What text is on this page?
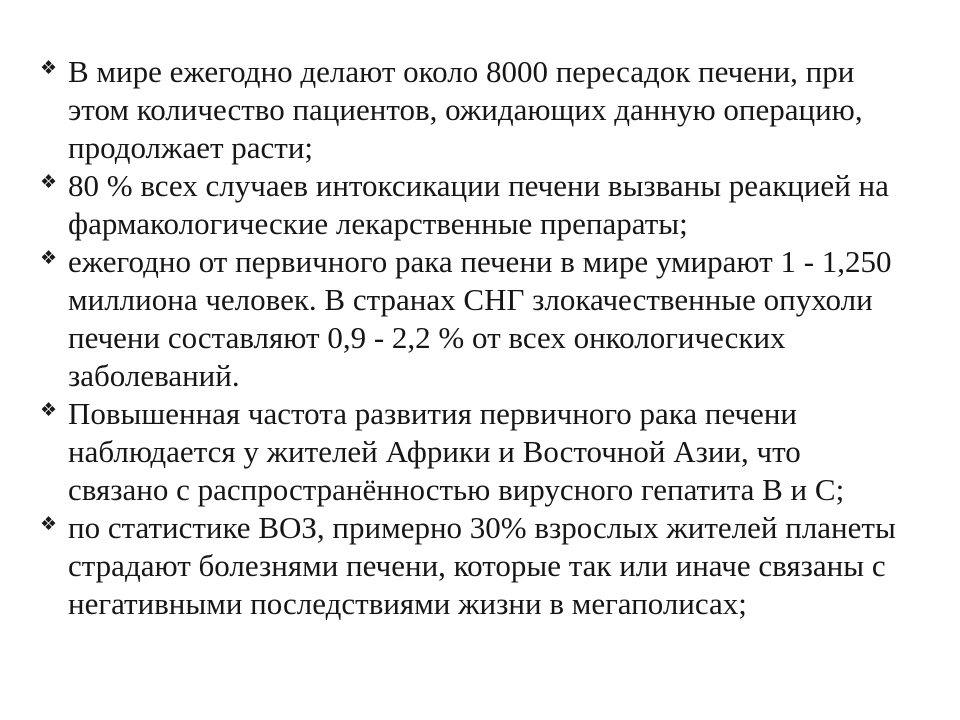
❖ В мире ежегодно делают около 8000 пересадок печени, при
этом количество пациентов, ожидающих данную операцию,
продолжает расти;
❖ 80 % всех случаев интоксикации печени вызваны реакцией на
фармакологические лекарственные препараты;
❖ ежегодно от первичного рака печени в мире умирают 1 - 1,250
миллиона человек. В странах СНГ злокачественные опухоли
печени составляют 0,9 - 2,2 % от всех онкологических
заболеваний.
❖ Повышенная частота развития первичного рака печени
наблюдается у жителей Африки и Восточной Азии, что
связано с распространённостью вирусного гепатита В и С;
❖ по статистике ВОЗ, примерно 30% взрослых жителей планеты
страдают болезнями печени, которые так или иначе связаны с
негативными последствиями жизни в мегаполисах;
